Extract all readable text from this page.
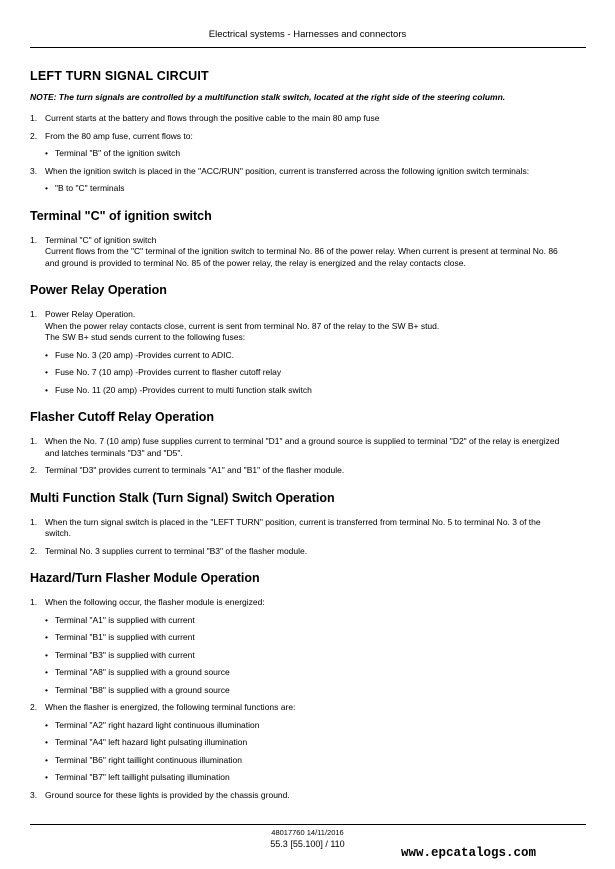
Electrical systems - Harnesses and connectors
LEFT TURN SIGNAL CIRCUIT
NOTE: The turn signals are controlled by a multifunction stalk switch, located at the right side of the steering column.
1. Current starts at the battery and flows through the positive cable to the main 80 amp fuse
2. From the 80 amp fuse, current flows to:
• Terminal "B" of the ignition switch
3. When the ignition switch is placed in the "ACC/RUN" position, current is transferred across the following ignition switch terminals:
• "B to "C" terminals
Terminal "C" of ignition switch
1. Terminal "C" of ignition switch
Current flows from the "C" terminal of the ignition switch to terminal No. 86 of the power relay. When current is present at terminal No. 86 and ground is provided to terminal No. 85 of the power relay, the relay is energized and the relay contacts close.
Power Relay Operation
1. Power Relay Operation.
When the power relay contacts close, current is sent from terminal No. 87 of the relay to the SW B+ stud.
The SW B+ stud sends current to the following fuses:
• Fuse No. 3 (20 amp) -Provides current to ADIC.
• Fuse No. 7 (10 amp) -Provides current to flasher cutoff relay
• Fuse No. 11 (20 amp) -Provides current to multi function stalk switch
Flasher Cutoff Relay Operation
1. When the No. 7 (10 amp) fuse supplies current to terminal "D1" and a ground source is supplied to terminal "D2" of the relay is energized and latches terminals "D3" and "D5".
2. Terminal "D3" provides current to terminals "A1" and "B1" of the flasher module.
Multi Function Stalk (Turn Signal) Switch Operation
1. When the turn signal switch is placed in the "LEFT TURN" position, current is transferred from terminal No. 5 to terminal No. 3 of the switch.
2. Terminal No. 3 supplies current to terminal "B3" of the flasher module.
Hazard/Turn Flasher Module Operation
1. When the following occur, the flasher module is energized:
• Terminal "A1" is supplied with current
• Terminal "B1" is supplied with current
• Terminal "B3" is supplied with current
• Terminal "A8" is supplied with a ground source
• Terminal "B8" is supplied with a ground source
2. When the flasher is energized, the following terminal functions are:
• Terminal "A2" right hazard light continuous illumination
• Terminal "A4" left hazard light pulsating illumination
• Terminal "B6" right taillight continuous illumination
• Terminal "B7" left taillight pulsating illumination
3. Ground source for these lights is provided by the chassis ground.
48017760 14/11/2016
55.3 [55.100] / 110
www.epcatalogs.com
